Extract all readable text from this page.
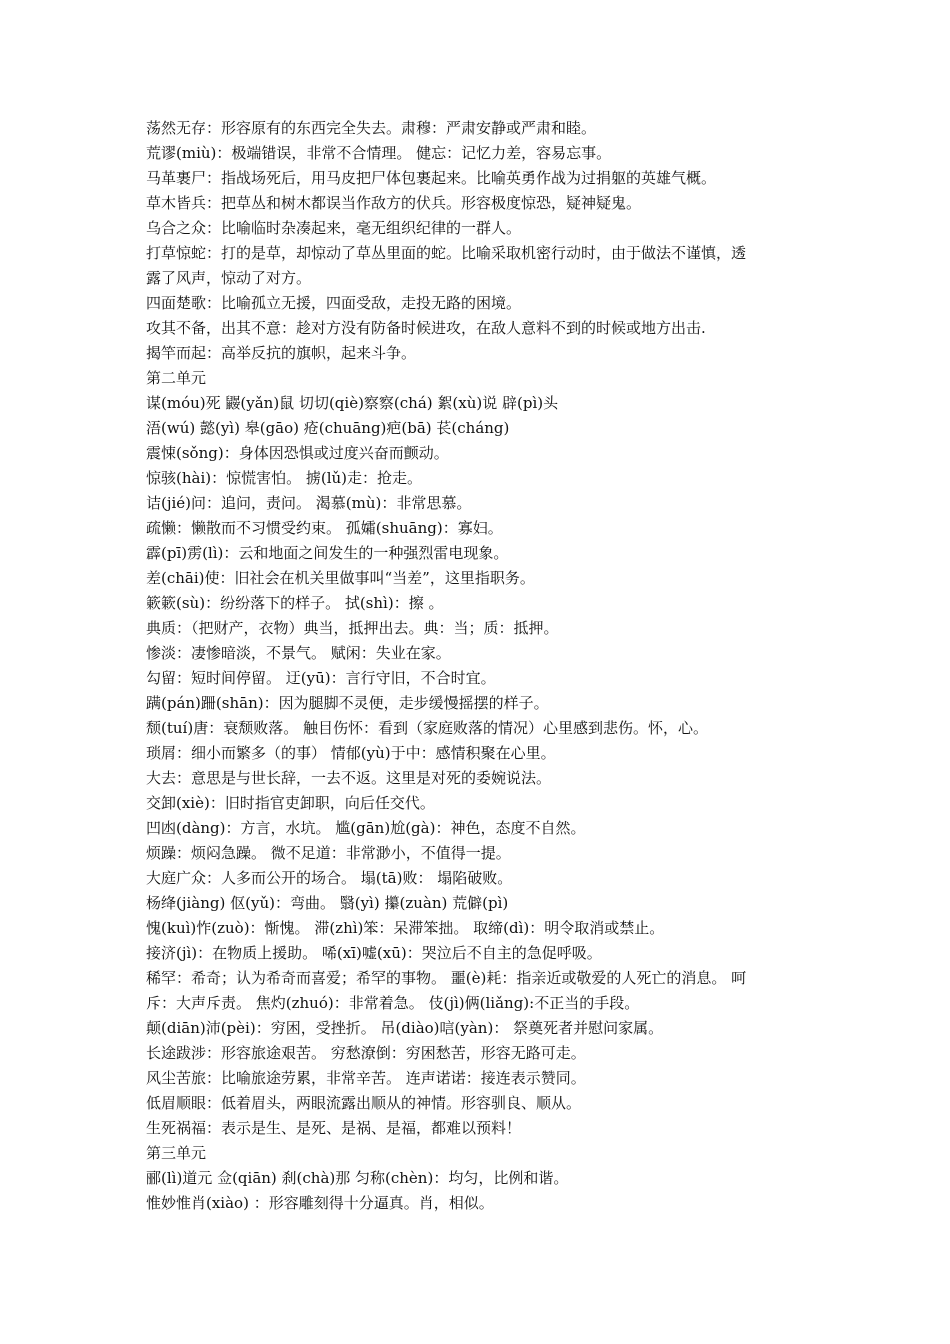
荡然无存：形容原有的东西完全失去。肃穆：严肃安静或严肃和睦。
荒谬(miù)：极端错误，非常不合情理。 健忘：记忆力差，容易忘事。
马革裹尸：指战场死后，用马皮把尸体包裹起来。比喻英勇作战为过捐躯的英雄气概。
草木皆兵：把草丛和树木都误当作敌方的伏兵。形容极度惊恐，疑神疑鬼。
乌合之众：比喻临时杂凑起来，毫无组织纪律的一群人。
打草惊蛇：打的是草，却惊动了草丛里面的蛇。比喻采取机密行动时，由于做法不谨慎，透
露了风声，惊动了对方。
四面楚歌：比喻孤立无援，四面受敌，走投无路的困境。
攻其不备，出其不意：趁对方没有防备时候进攻，在敌人意料不到的时候或地方出击.
揭竿而起：高举反抗的旗帜，起来斗争。
第二单元
谋(móu)死 鼹(yǎn)鼠 切切(qiè)察察(chá) 絮(xù)说 辟(pì)头
浯(wú) 懿(yì) 皋(gāo) 疮(chuāng)疤(bā) 苌(cháng)
震悚(sǒng)：身体因恐惧或过度兴奋而颤动。
惊骇(hài)：惊慌害怕。 掳(lǔ)走：抢走。
诘(jié)问：追问，责问。 渴慕(mù)：非常思慕。
疏懒：懒散而不习惯受约束。 孤孀(shuāng)：寡妇。
霹(pī)雳(lì)：云和地面之间发生的一种强烈雷电现象。
差(chāi)使：旧社会在机关里做事叫“当差”，这里指职务。
簌簌(sù)：纷纷落下的样子。 拭(shì)：擦 。
典质：（把财产，衣物）典当，抵押出去。典：当；质：抵押。
惨淡：凄惨暗淡，不景气。 赋闲：失业在家。
勾留：短时间停留。 迂(yū)：言行守旧，不合时宜。
蹒(pán)跚(shān)：因为腿脚不灵便，走步缓慢摇摆的样子。
颓(tuí)唐：衰颓败落。 触目伤怀：看到（家庭败落的情况）心里感到悲伤。怀，心。
琐屑：细小而繁多（的事） 情郁(yù)于中：感情积聚在心里。
大去：意思是与世长辞，一去不返。这里是对死的委婉说法。
交卸(xiè)：旧时指官吏卸职，向后任交代。
凹凼(dàng)：方言，水坑。 尴(gān)尬(gà)：神色，态度不自然。
烦躁：烦闷急躁。 微不足道：非常渺小，不值得一提。
大庭广众：人多而公开的场合。 塌(tā)败： 塌陷破败。
杨绛(jiàng) 伛(yǔ)：弯曲。 翳(yì) 攥(zuàn) 荒僻(pì)
愧(kuì)怍(zuò)：惭愧。 滞(zhì)笨：呆滞笨拙。 取缔(dì)：明令取消或禁止。
接济(jì)：在物质上援助。 唏(xī)嘘(xū)：哭泣后不自主的急促呼吸。
稀罕：希奇；认为希奇而喜爱；希罕的事物。 噩(è)耗：指亲近或敬爱的人死亡的消息。 呵
斥：大声斥责。 焦灼(zhuó)：非常着急。 伎(jì)俩(liǎng):不正当的手段。
颠(diān)沛(pèi)：穷困，受挫折。 吊(diào)唁(yàn)： 祭奠死者并慰问家属。
长途跋涉：形容旅途艰苦。 穷愁潦倒：穷困愁苦，形容无路可走。
风尘苦旅：比喻旅途劳累，非常辛苦。 连声诺诺：接连表示赞同。
低眉顺眼：低着眉头，两眼流露出顺从的神情。形容驯良、顺从。
生死祸福：表示是生、是死、是祸、是福，都难以预料！
第三单元
郦(lì)道元 佥(qiān) 刹(chà)那 匀称(chèn)：均匀，比例和谐。
惟妙惟肖(xiào) ：形容雕刻得十分逼真。肖，相似。
